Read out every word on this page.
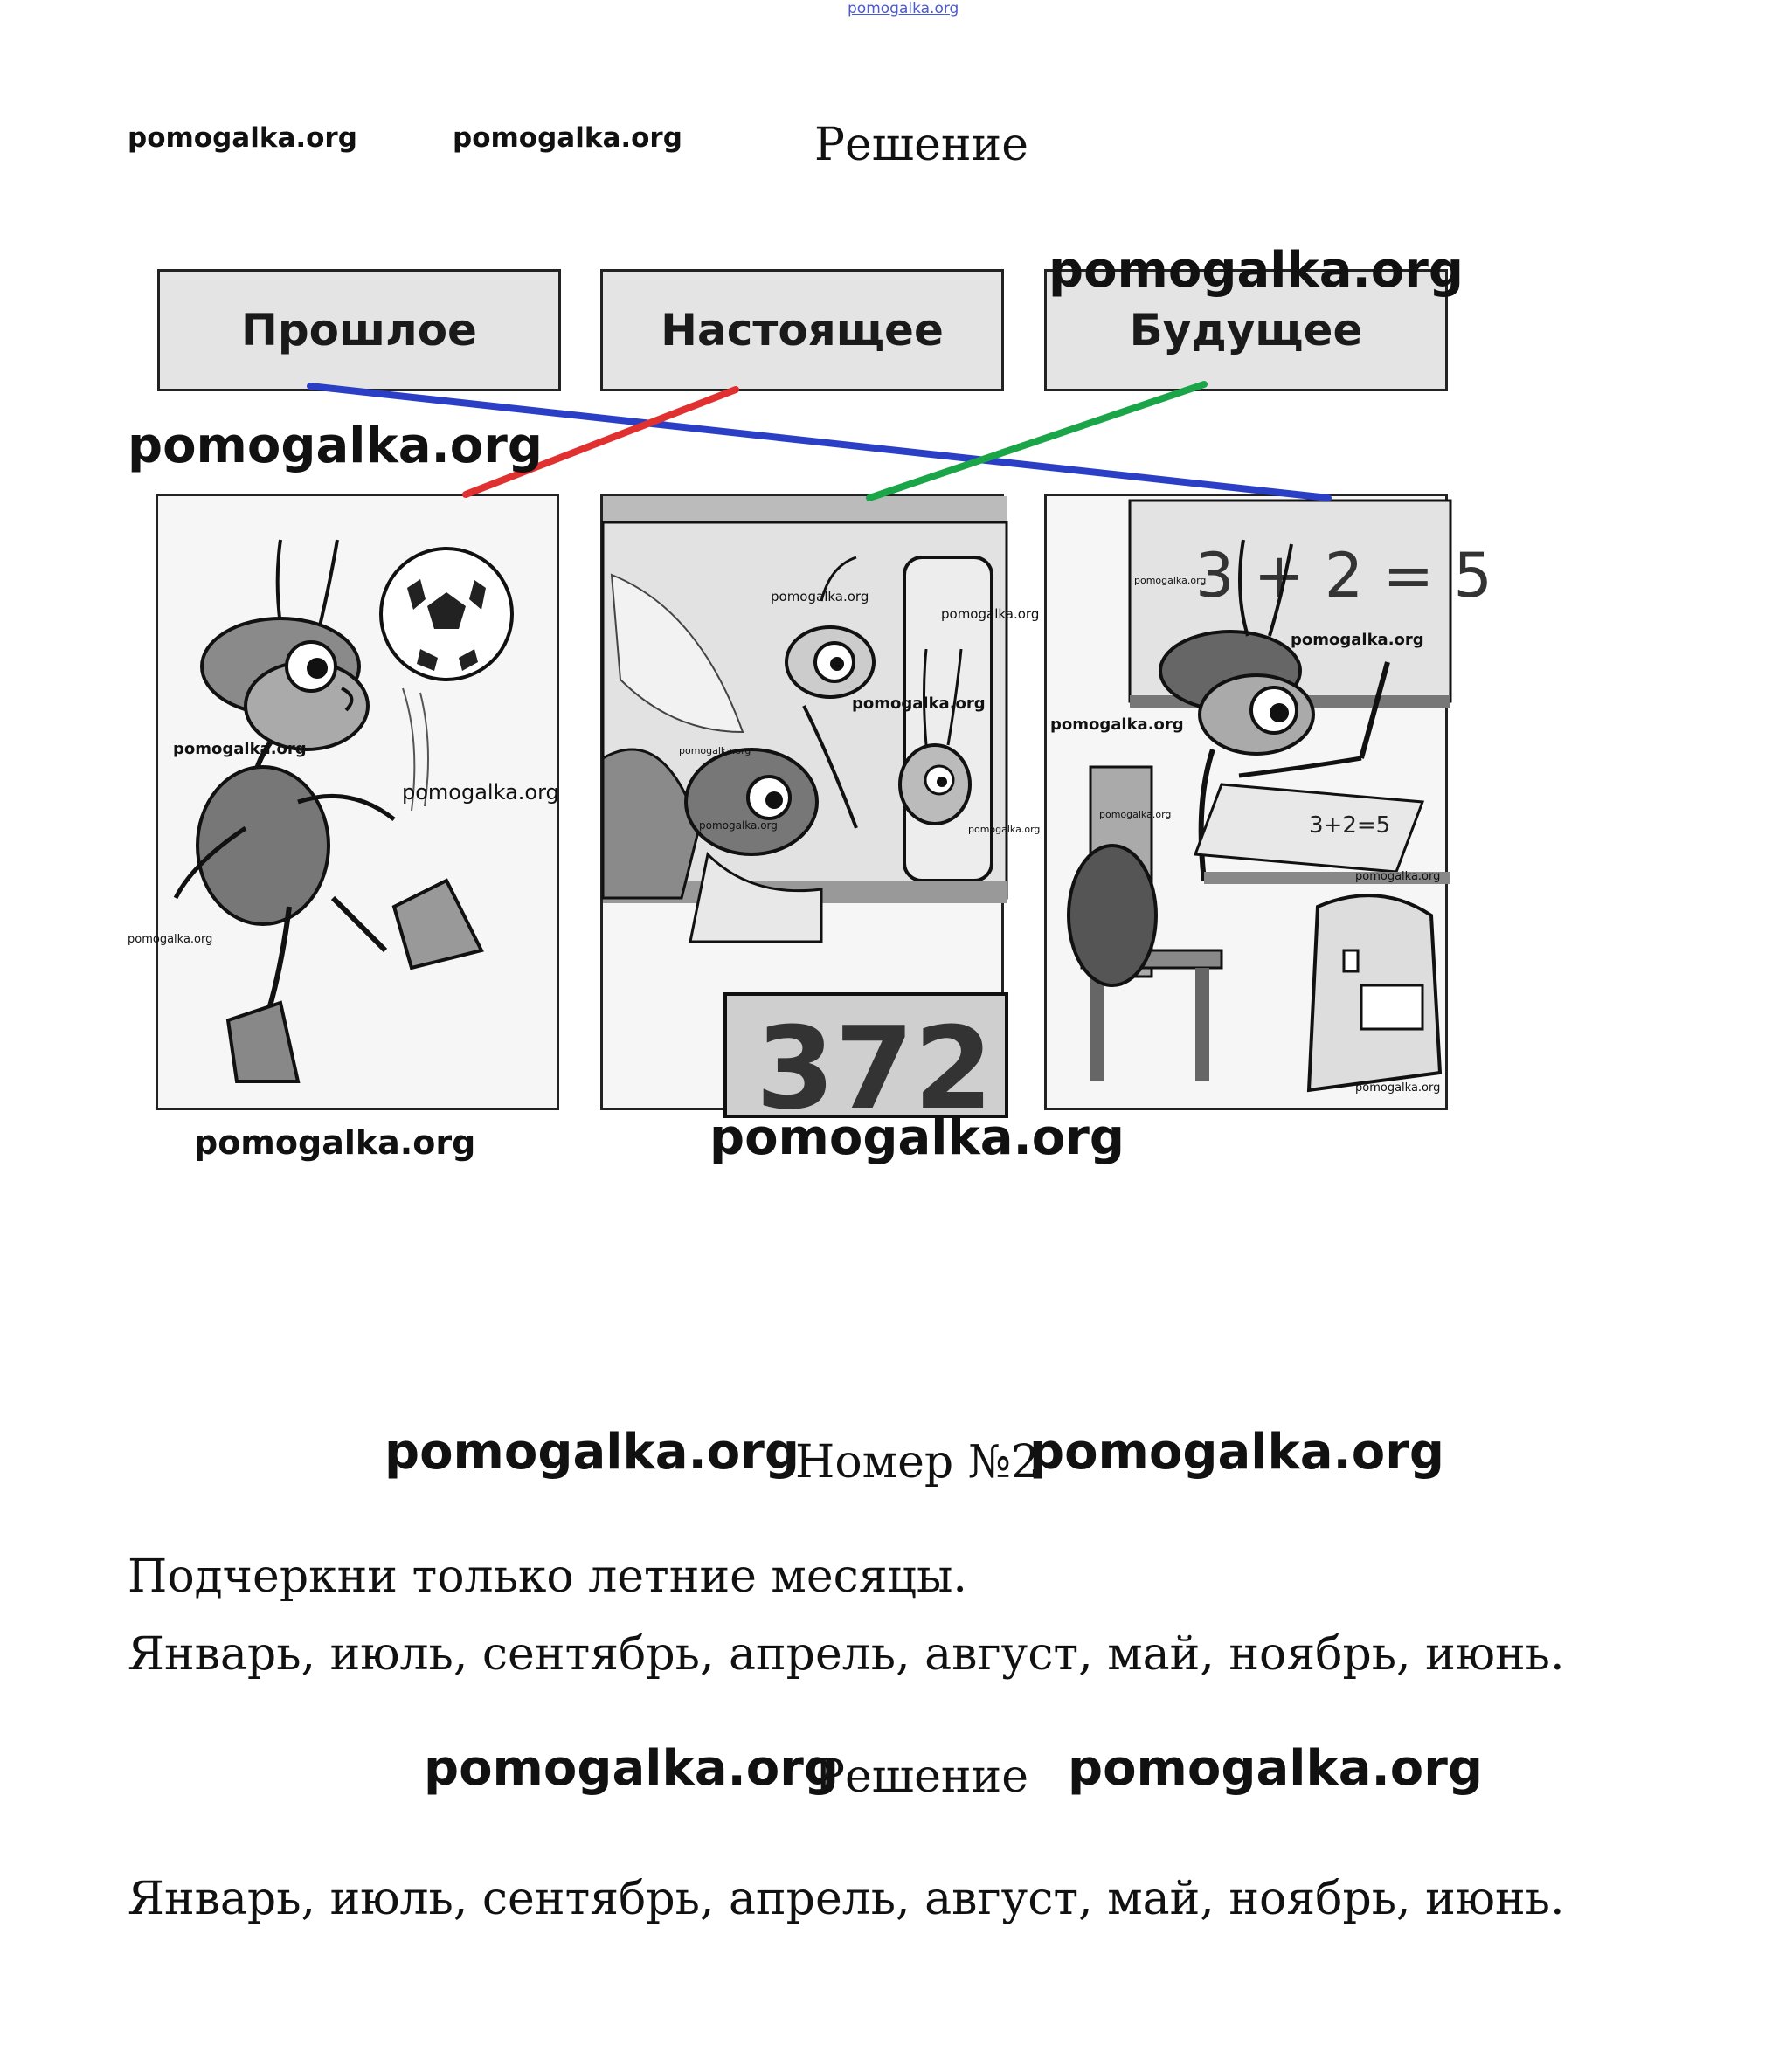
pomogalka.org
pomogalka.org	pomogalka.org	Решение
Прошлое	Настоящее	Будущее
372
3 + 2 = 5
3+2=5
pomogalka.org
pomogalka.org
pomogalka.org
pomogalka.org
pomogalka.org
pomogalka.org
pomogalka.org
pomogalka.org
pomogalka.org
pomogalka.org	pomogalka.org
pomogalka.org
pomogalka.org
pomogalka.org
pomogalka.org
pomogalka.org
pomogalka.org
pomogalka.org	pomogalka.org
pomogalka.org
Номер №2
pomogalka.org
Подчеркни только летние месяцы.
Январь, июль, сентябрь, апрель, август, май, ноябрь, июнь.
pomogalka.org
Решение pomogalka.org
Январь, июль, сентябрь, апрель, август, май, ноябрь, июнь.
